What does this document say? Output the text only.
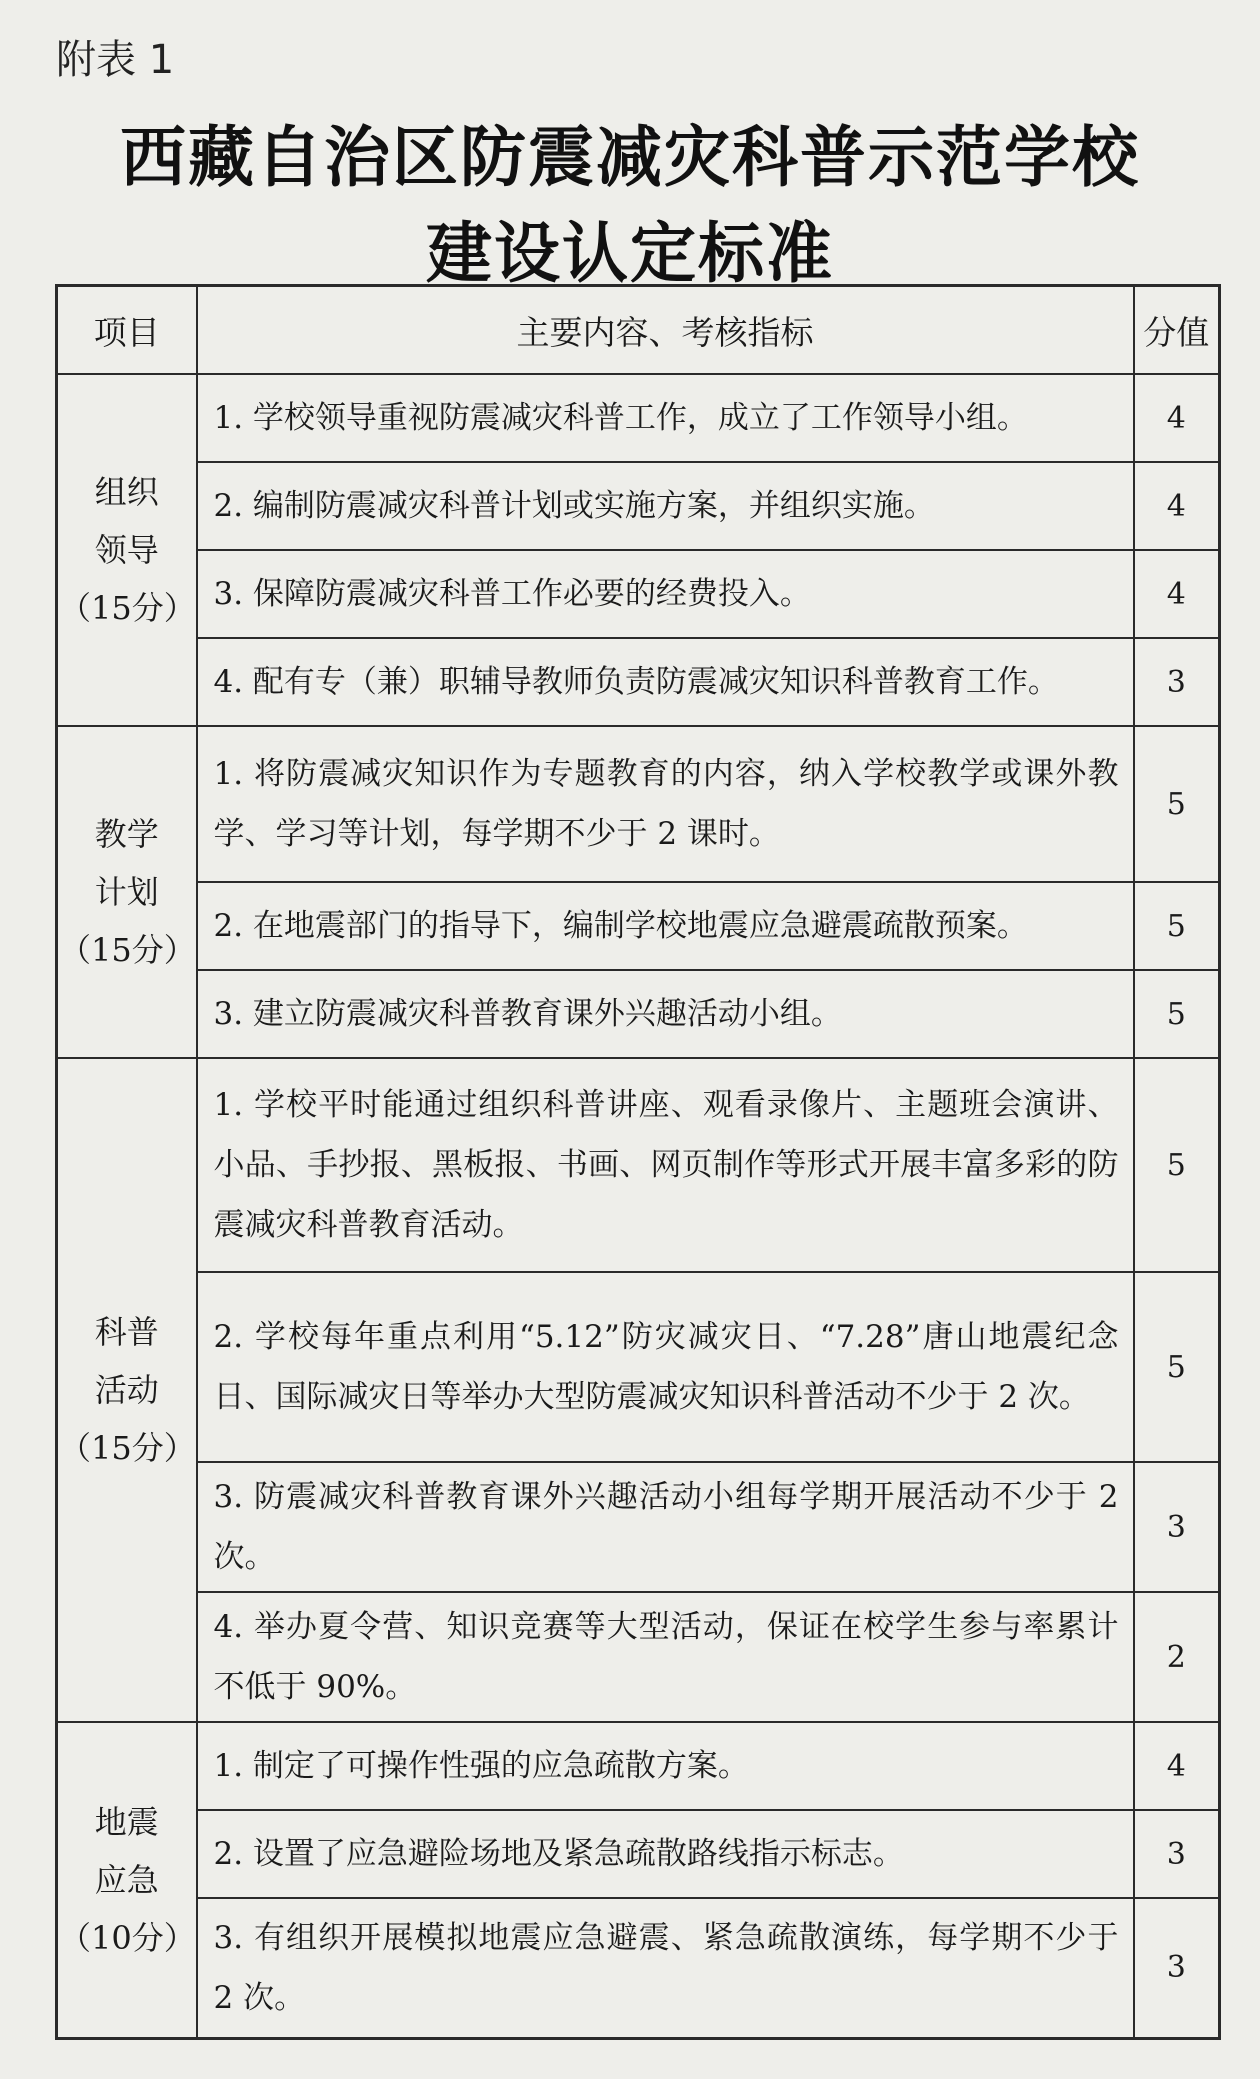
附表 1
西藏自治区防震减灾科普示范学校
建设认定标准
项目	主要内容、考核指标	分值

组织
领导
（15分）	1. 学校领导重视防震减灾科普工作，成立了工作领导小组。	4
	2. 编制防震减灾科普计划或实施方案，并组织实施。	4
	3. 保障防震减灾科普工作必要的经费投入。	4
	4. 配有专（兼）职辅导教师负责防震减灾知识科普教育工作。	3

教学
计划
（15分）	1. 将防震减灾知识作为专题教育的内容，纳入学校教学或课外教学、学习等计划，每学期不少于 2 课时。	5
	2. 在地震部门的指导下，编制学校地震应急避震疏散预案。	5
	3. 建立防震减灾科普教育课外兴趣活动小组。	5

科普
活动
（15分）	1. 学校平时能通过组织科普讲座、观看录像片、主题班会演讲、小品、手抄报、黑板报、书画、网页制作等形式开展丰富多彩的防震减灾科普教育活动。	5
	2. 学校每年重点利用“5.12”防灾减灾日、“7.28”唐山地震纪念日、国际减灾日等举办大型防震减灾知识科普活动不少于 2 次。	5
	3. 防震减灾科普教育课外兴趣活动小组每学期开展活动不少于 2 次。	3
	4. 举办夏令营、知识竞赛等大型活动，保证在校学生参与率累计不低于 90%。	2

地震
应急
（10分）	1. 制定了可操作性强的应急疏散方案。	4
	2. 设置了应急避险场地及紧急疏散路线指示标志。	3
	3. 有组织开展模拟地震应急避震、紧急疏散演练，每学期不少于 2 次。	3
